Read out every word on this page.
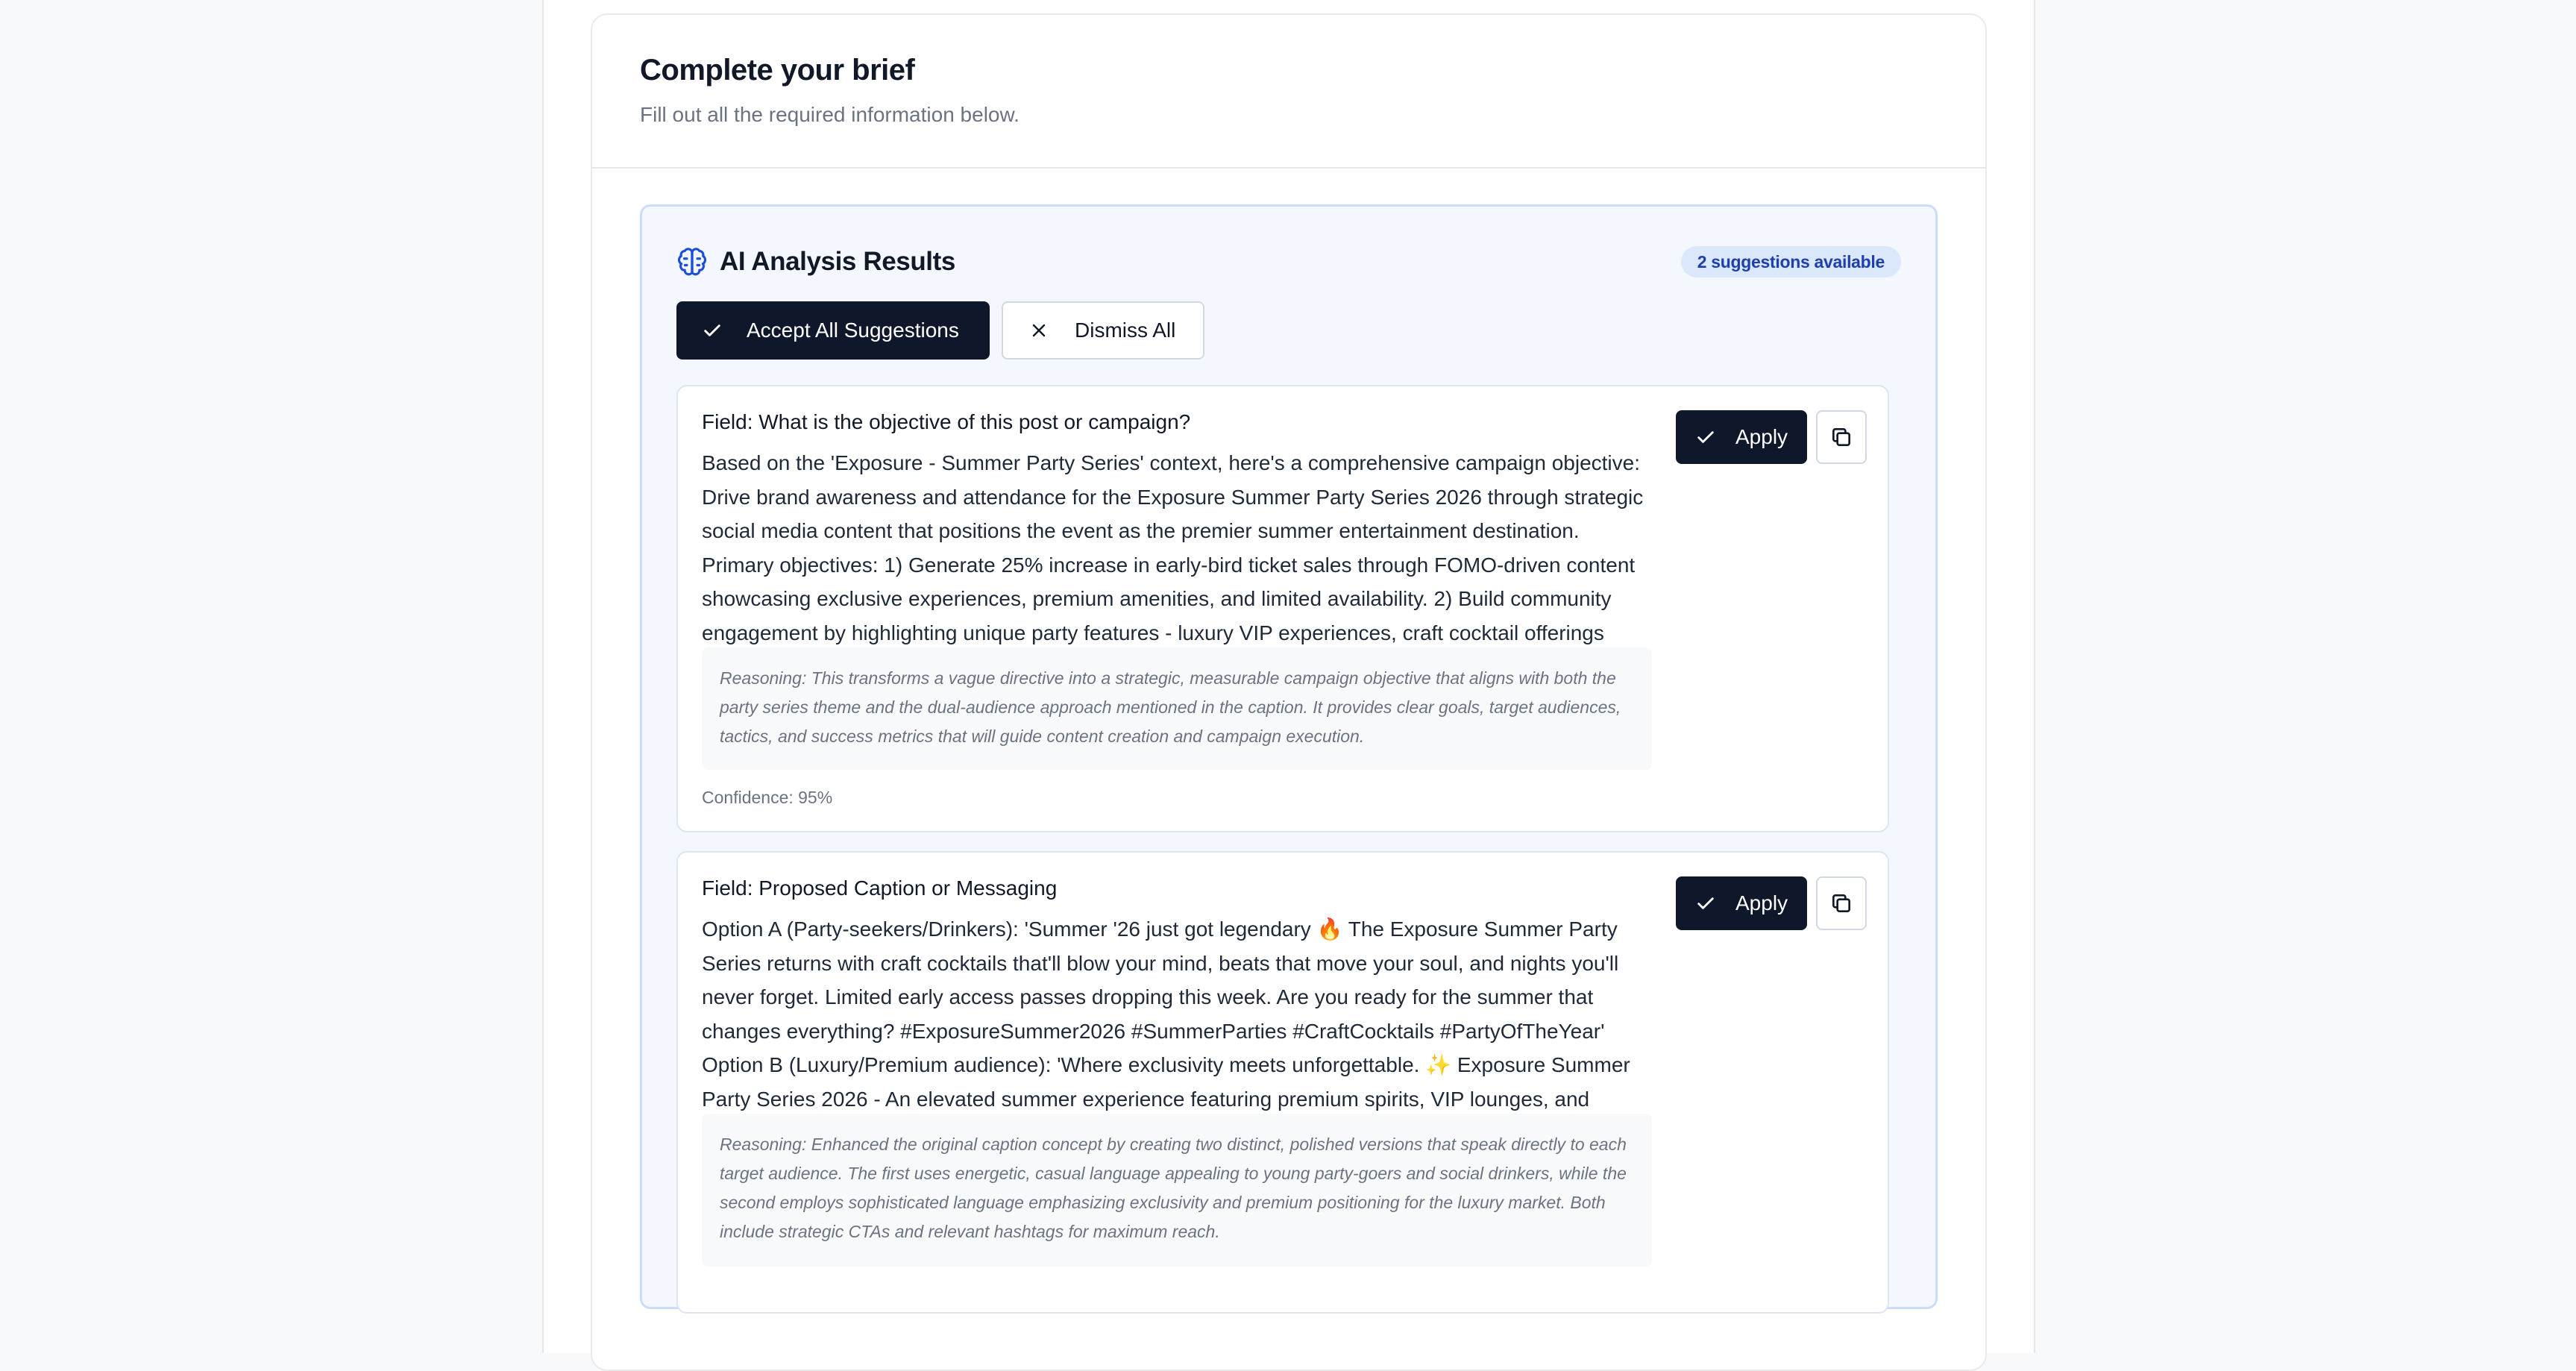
Complete your brief
Fill out all the required information below.
AI Analysis Results	2 suggestions available
Accept All Suggestions	Dismiss All
Field: What is the objective of this post or campaign?
Based on the 'Exposure - Summer Party Series' context, here's a comprehensive campaign objective: Drive brand awareness and attendance for the Exposure Summer Party Series 2026 through strategic social media content that positions the event as the premier summer entertainment destination. Primary objectives: 1) Generate 25% increase in early-bird ticket sales through FOMO-driven content showcasing exclusive experiences, premium amenities, and limited availability. 2) Build community engagement by highlighting unique party features - luxury VIP experiences, craft cocktail offerings
Reasoning: This transforms a vague directive into a strategic, measurable campaign objective that aligns with both the party series theme and the dual-audience approach mentioned in the caption. It provides clear goals, target audiences, tactics, and success metrics that will guide content creation and campaign execution.
Confidence: 95%
Apply
Field: Proposed Caption or Messaging
Option A (Party-seekers/Drinkers): 'Summer '26 just got legendary 🔥 The Exposure Summer Party Series returns with craft cocktails that'll blow your mind, beats that move your soul, and nights you'll never forget. Limited early access passes dropping this week. Are you ready for the summer that changes everything? #ExposureSummer2026 #SummerParties #CraftCocktails #PartyOfTheYear' Option B (Luxury/Premium audience): 'Where exclusivity meets unforgettable. ✨ Exposure Summer Party Series 2026 - An elevated summer experience featuring premium spirits, VIP lounges, and
Reasoning: Enhanced the original caption concept by creating two distinct, polished versions that speak directly to each target audience. The first uses energetic, casual language appealing to young party-goers and social drinkers, while the second employs sophisticated language emphasizing exclusivity and premium positioning for the luxury market. Both include strategic CTAs and relevant hashtags for maximum reach.
Apply
